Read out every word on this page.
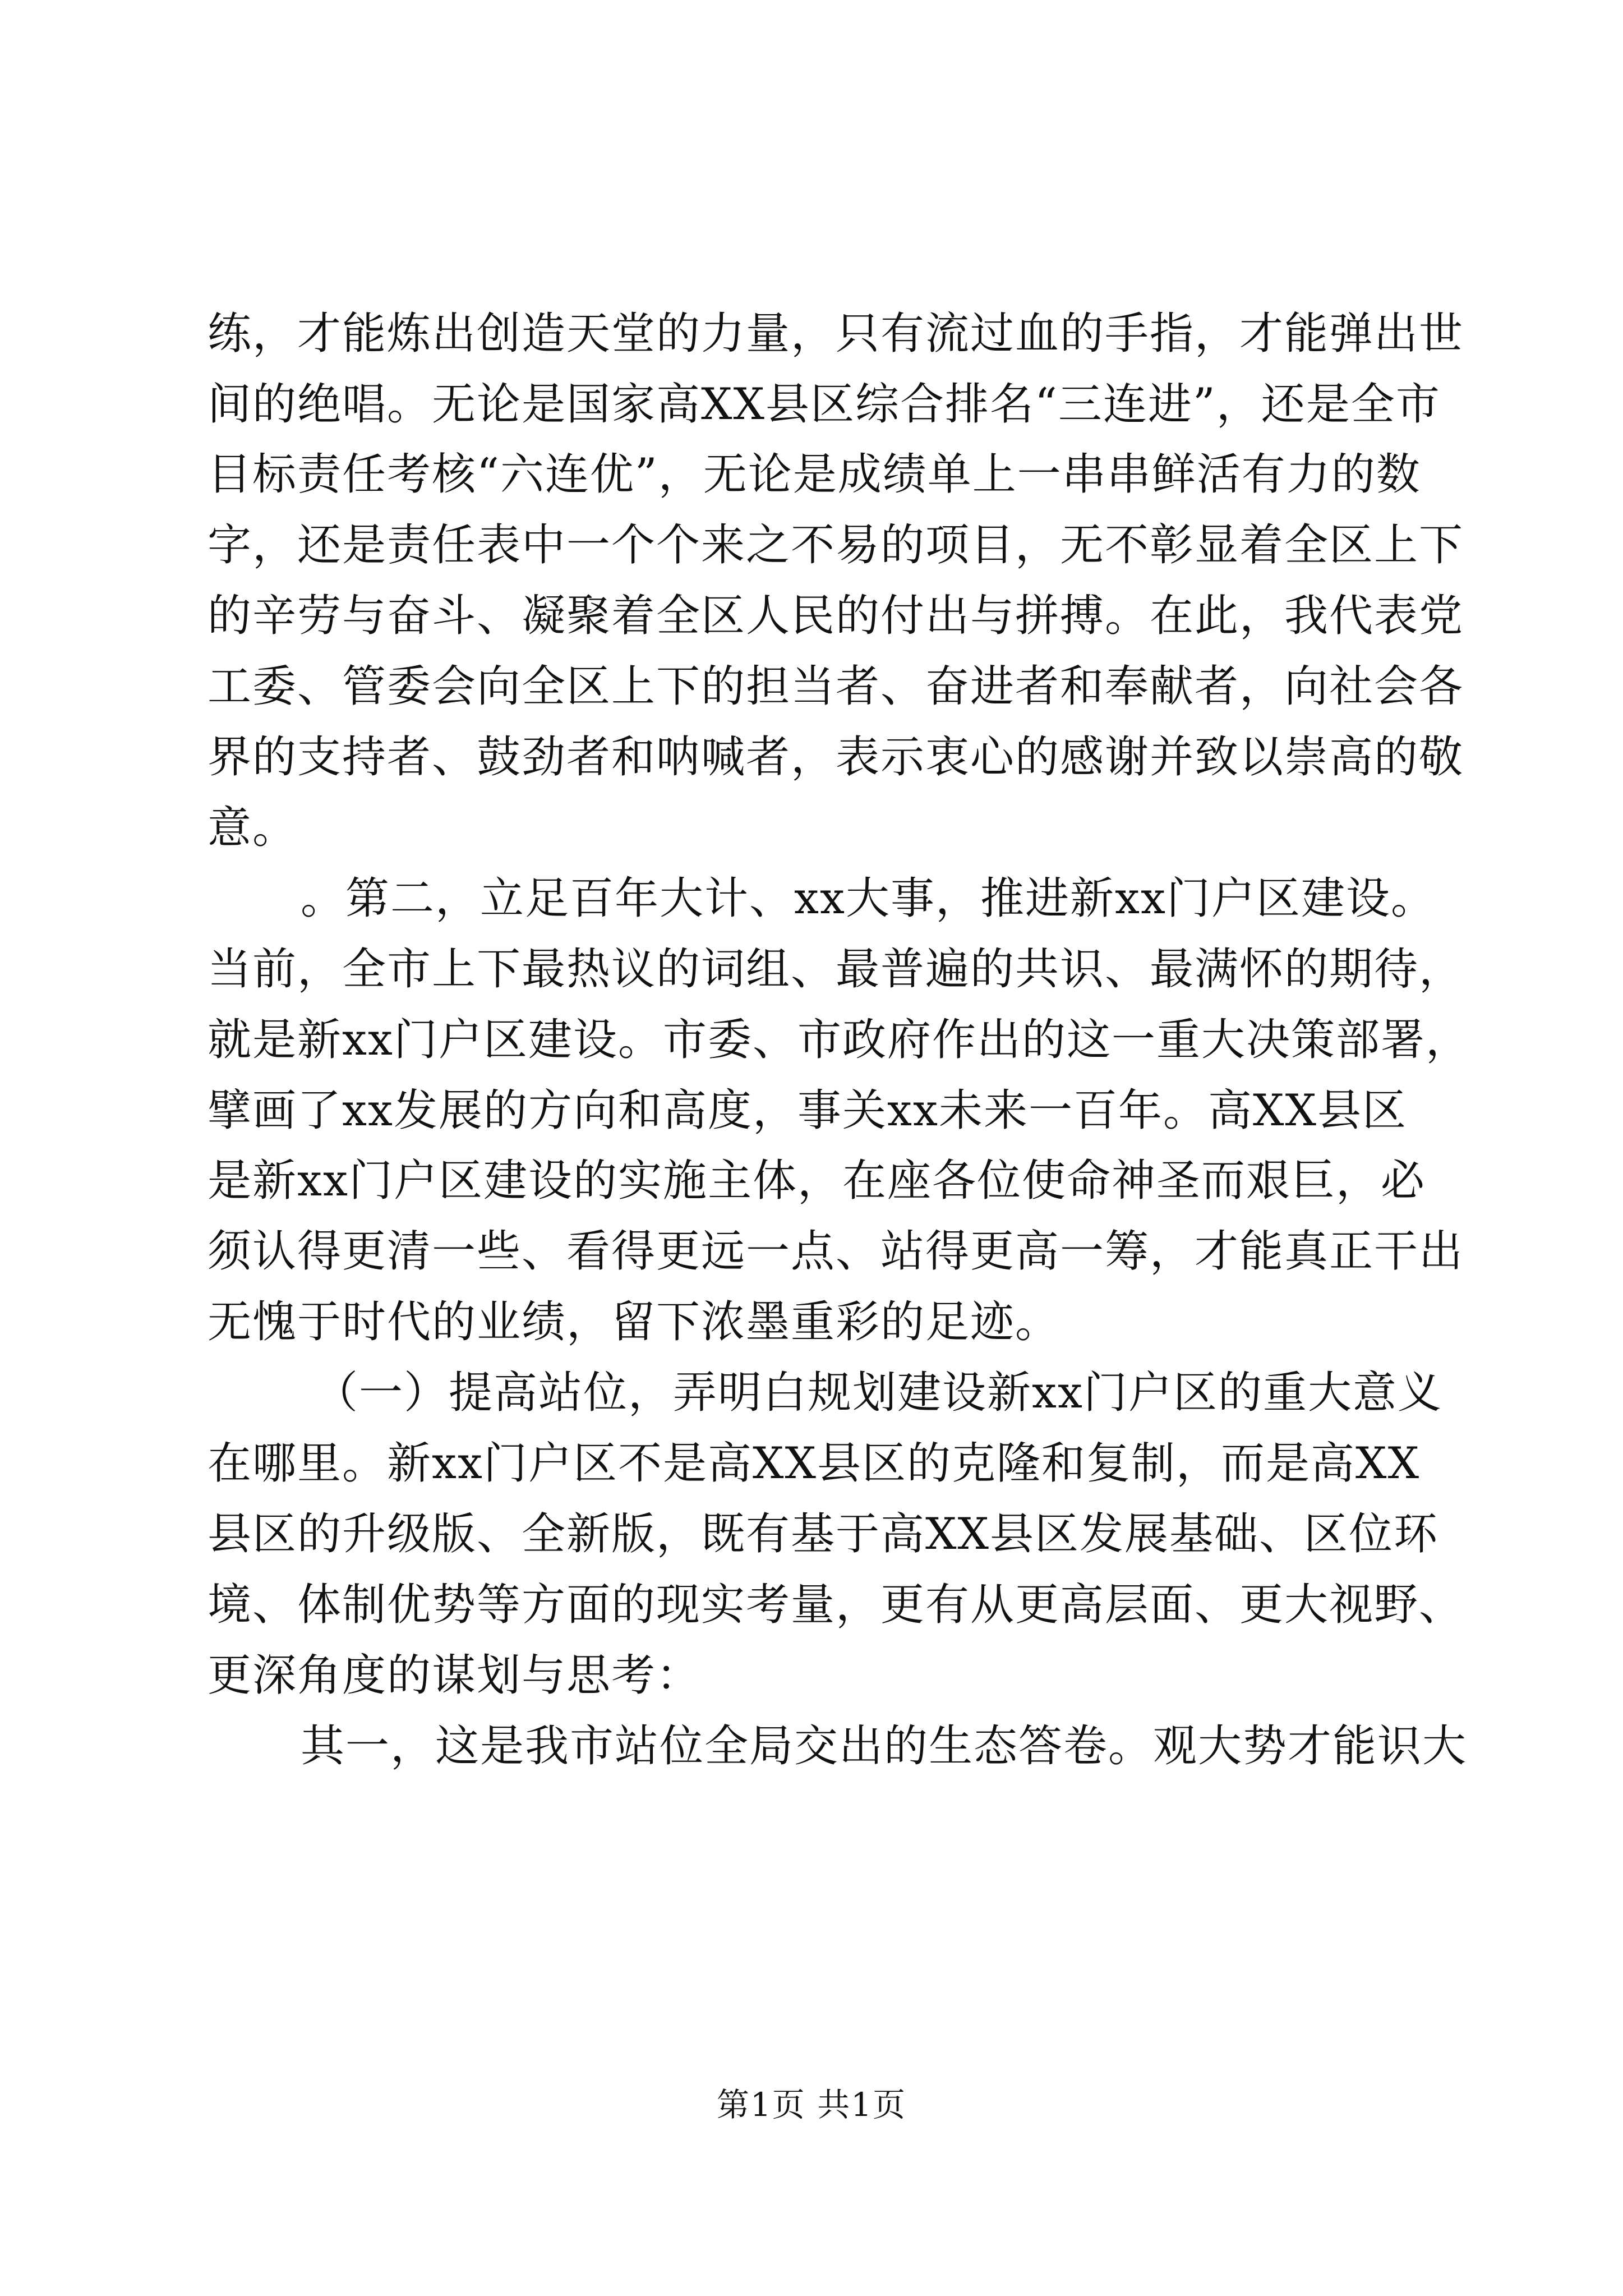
练，才能炼出创造天堂的力量，只有流过血的手指，才能弹出世
间的绝唱。无论是国家高XX县区综合排名“三连进”，还是全市
目标责任考核“六连优”，无论是成绩单上一串串鲜活有力的数
字，还是责任表中一个个来之不易的项目，无不彰显着全区上下
的辛劳与奋斗、凝聚着全区人民的付出与拼搏。在此，我代表党
工委、管委会向全区上下的担当者、奋进者和奉献者，向社会各
界的支持者、鼓劲者和呐喊者，表示衷心的感谢并致以崇高的敬
意。
。第二，立足百年大计、xx大事，推进新xx门户区建设。
当前，全市上下最热议的词组、最普遍的共识、最满怀的期待，
就是新xx门户区建设。市委、市政府作出的这一重大决策部署，
擘画了xx发展的方向和高度，事关xx未来一百年。高XX县区
是新xx门户区建设的实施主体，在座各位使命神圣而艰巨，必
须认得更清一些、看得更远一点、站得更高一筹，才能真正干出
无愧于时代的业绩，留下浓墨重彩的足迹。
（一）提高站位，弄明白规划建设新xx门户区的重大意义
在哪里。新xx门户区不是高XX县区的克隆和复制，而是高XX
县区的升级版、全新版，既有基于高XX县区发展基础、区位环
境、体制优势等方面的现实考量，更有从更高层面、更大视野、
更深角度的谋划与思考：
其一，这是我市站位全局交出的生态答卷。观大势才能识大
第1页 共1页
